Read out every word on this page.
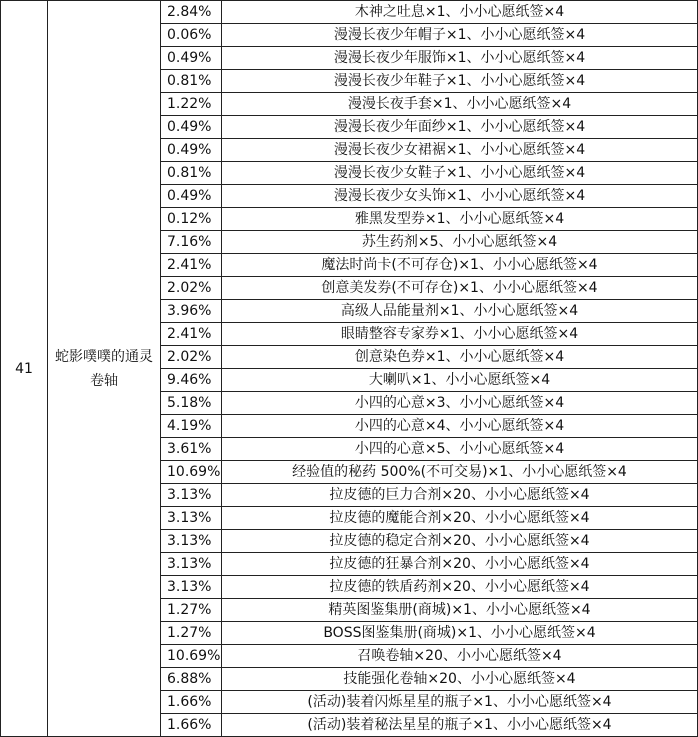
41	蛇影噗噗的通灵卷轴	2.84%	木神之吐息×1、小小心愿纸签×4
		0.06%	漫漫长夜少年帽子×1、小小心愿纸签×4
		0.49%	漫漫长夜少年服饰×1、小小心愿纸签×4
		0.81%	漫漫长夜少年鞋子×1、小小心愿纸签×4
		1.22%	漫漫长夜手套×1、小小心愿纸签×4
		0.49%	漫漫长夜少年面纱×1、小小心愿纸签×4
		0.49%	漫漫长夜少女裙裾×1、小小心愿纸签×4
		0.81%	漫漫长夜少女鞋子×1、小小心愿纸签×4
		0.49%	漫漫长夜少女头饰×1、小小心愿纸签×4
		0.12%	雅黑发型券×1、小小心愿纸签×4
		7.16%	苏生药剂×5、小小心愿纸签×4
		2.41%	魔法时尚卡(不可存仓)×1、小小心愿纸签×4
		2.02%	创意美发券(不可存仓)×1、小小心愿纸签×4
		3.96%	高级人品能量剂×1、小小心愿纸签×4
		2.41%	眼睛整容专家券×1、小小心愿纸签×4
		2.02%	创意染色券×1、小小心愿纸签×4
		9.46%	大喇叭×1、小小心愿纸签×4
		5.18%	小四的心意×3、小小心愿纸签×4
		4.19%	小四的心意×4、小小心愿纸签×4
		3.61%	小四的心意×5、小小心愿纸签×4
		10.69%	经验值的秘药 500%(不可交易)×1、小小心愿纸签×4
		3.13%	拉皮德的巨力合剂×20、小小心愿纸签×4
		3.13%	拉皮德的魔能合剂×20、小小心愿纸签×4
		3.13%	拉皮德的稳定合剂×20、小小心愿纸签×4
		3.13%	拉皮德的狂暴合剂×20、小小心愿纸签×4
		3.13%	拉皮德的铁盾药剂×20、小小心愿纸签×4
		1.27%	精英图鉴集册(商城)×1、小小心愿纸签×4
		1.27%	BOSS图鉴集册(商城)×1、小小心愿纸签×4
		10.69%	召唤卷轴×20、小小心愿纸签×4
		6.88%	技能强化卷轴×20、小小心愿纸签×4
		1.66%	(活动)装着闪烁星星的瓶子×1、小小心愿纸签×4
		1.66%	(活动)装着秘法星星的瓶子×1、小小心愿纸签×4
